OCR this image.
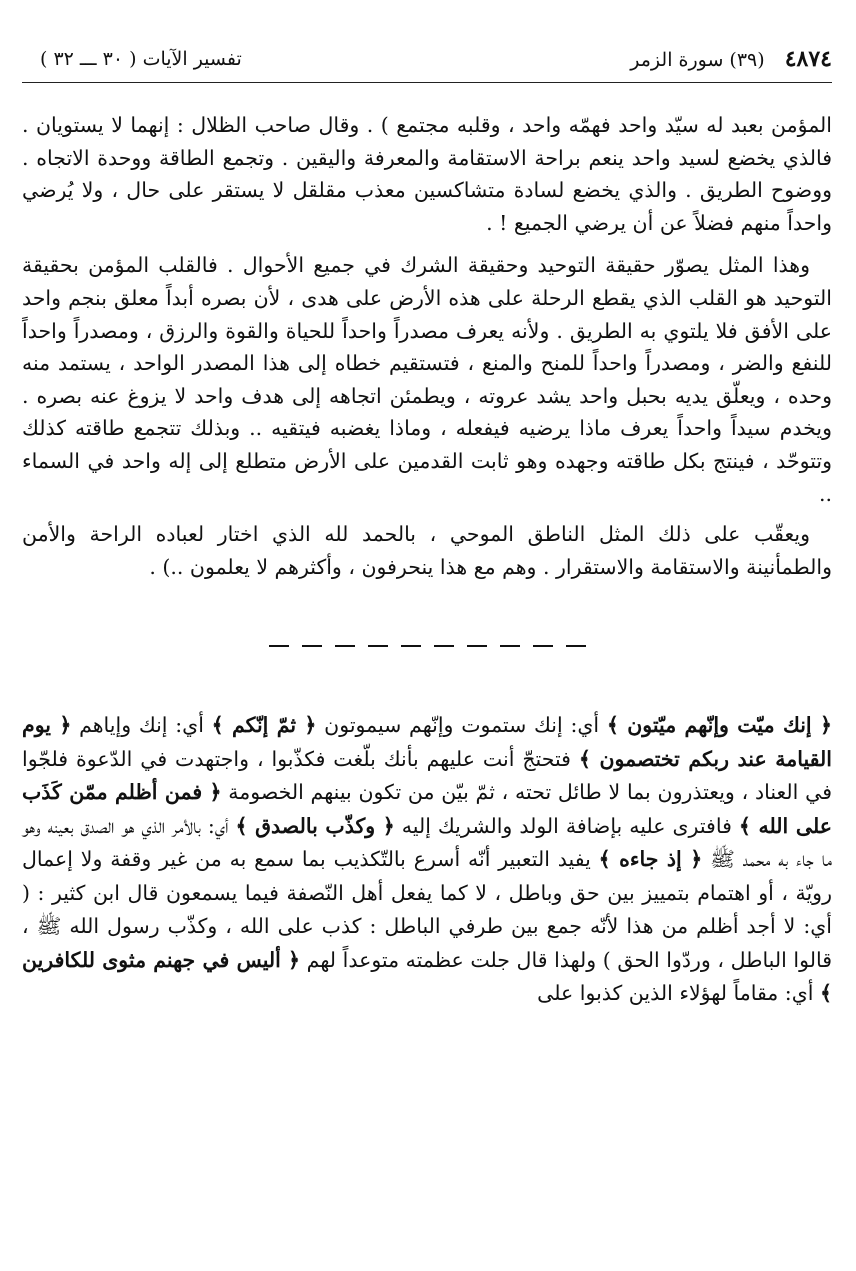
٤٨٧٤ (٣٩) سورة الزمر
تفسير الآيات ( ٣٠ ـــ ٣٢ )

المؤمن بعبد له سيّد واحد فهمّه واحد ، وقلبه مجتمع ) . وقال صاحب الظلال : إنهما لا يستويان . فالذي يخضع لسيد واحد ينعم براحة الاستقامة والمعرفة واليقين . وتجمع الطاقة ووحدة الاتجاه . ووضوح الطريق . والذي يخضع لسادة متشاكسين معذب مقلقل لا يستقر على حال ، ولا يُرضي واحداً منهم فضلاً عن أن يرضي الجميع ! .

وهذا المثل يصوّر حقيقة التوحيد وحقيقة الشرك في جميع الأحوال . فالقلب المؤمن بحقيقة التوحيد هو القلب الذي يقطع الرحلة على هذه الأرض على هدى ، لأن بصره أبداً معلق بنجم واحد على الأفق فلا يلتوي به الطريق . ولأنه يعرف مصدراً واحداً للحياة والقوة والرزق ، ومصدراً واحداً للنفع والضر ، ومصدراً واحداً للمنح والمنع ، فتستقيم خطاه إلى هذا المصدر الواحد ، يستمد منه وحده ، ويعلّق يديه بحبل واحد يشد عروته ، ويطمئن اتجاهه إلى هدف واحد لا يزوغ عنه بصره . ويخدم سيداً واحداً يعرف ماذا يرضيه فيفعله ، وماذا يغضبه فيتقيه .. وبذلك تتجمع طاقته كذلك وتتوحّد ، فينتج بكل طاقته وجهده وهو ثابت القدمين على الأرض متطلع إلى إله واحد في السماء ..

ويعقّب على ذلك المثل الناطق الموحي ، بالحمد لله الذي اختار لعباده الراحة والأمن والطمأنينة والاستقامة والاستقرار . وهم مع هذا ينحرفون ، وأكثرهم لا يعلمون ..) .

﴿ إنك ميّت وإنّهم ميّتون ﴾ أي: إنك ستموت وإنّهم سيموتون ﴿ ثمّ إنّكم ﴾ أي: إنك وإياهم ﴿ يوم القيامة عند ربكم تختصمون ﴾ فتحتجّ أنت عليهم بأنك بلّغت فكذّبوا ، واجتهدت في الدّعوة فلجّوا في العناد ، ويعتذرون بما لا طائل تحته ، ثمّ بيّن من تكون بينهم الخصومة ﴿ فمن أظلم ممّن كَذَب على الله ﴾ فافترى عليه بإضافة الولد والشريك إليه ﴿ وكذّب بالصدق ﴾ أي: بالأمر الذي هو الصدق بعينه وهو ما جاء به محمد ﷺ ﴿ إذ جاءه ﴾ يفيد التعبير أنّه أسرع بالتّكذيب بما سمع به من غير وقفة ولا إعمال رويّة ، أو اهتمام بتمييز بين حق وباطل ، لا كما يفعل أهل النّصفة فيما يسمعون قال ابن كثير : ( أي: لا أجد أظلم من هذا لأنّه جمع بين طرفي الباطل : كذب على الله ، وكذّب رسول الله ﷺ ، قالوا الباطل ، وردّوا الحق ) ولهذا قال جلت عظمته متوعداً لهم ﴿ أليس في جهنم مثوى للكافرين ﴾ أي: مقاماً لهؤلاء الذين كذبوا على
